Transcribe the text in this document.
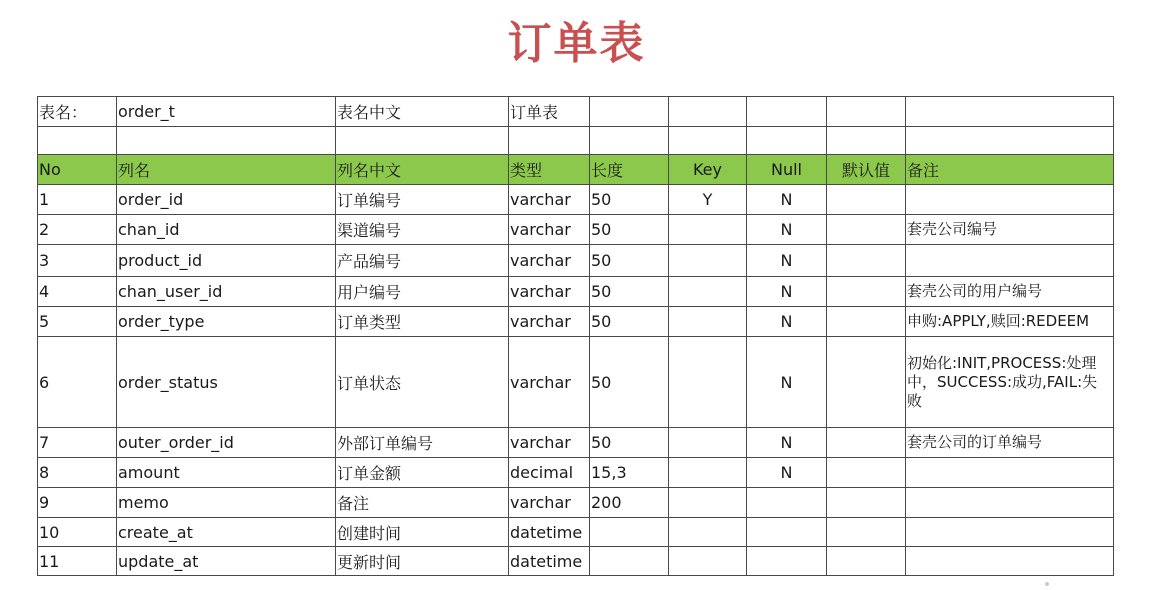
订单表
表名：	order_t	表名中文	订单表					

No	列名	列名中文	类型	长度	Key	Null	默认值	备注
1	order_id	订单编号	varchar	50	Y	N		
2	chan_id	渠道编号	varchar	50		N		套壳公司编号
3	product_id	产品编号	varchar	50		N		
4	chan_user_id	用户编号	varchar	50		N		套壳公司的用户编号
5	order_type	订单类型	varchar	50		N		申购:APPLY,赎回:REDEEM
6	order_status	订单状态	varchar	50		N		初始化:INIT,PROCESS:处理中，SUCCESS:成功,FAIL:失败
7	outer_order_id	外部订单编号	varchar	50		N		套壳公司的订单编号
8	amount	订单金额	decimal	15,3		N		
9	memo	备注	varchar	200				
10	create_at	创建时间	datetime					
11	update_at	更新时间	datetime					
